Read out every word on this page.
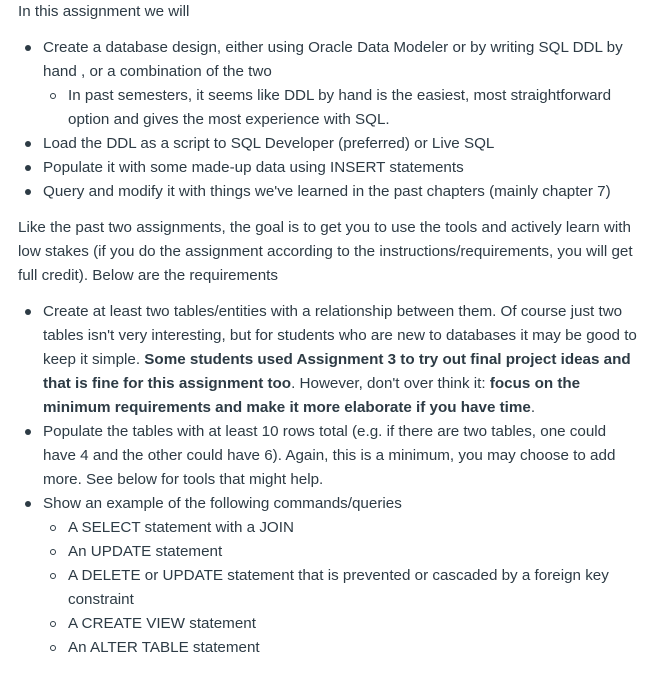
In this assignment we will

Create a database design, either using Oracle Data Modeler or by writing SQL DDL by hand , or a combination of the two
In past semesters, it seems like DDL by hand is the easiest, most straightforward option and gives the most experience with SQL.
Load the DDL as a script to SQL Developer (preferred) or Live SQL
Populate it with some made-up data using INSERT statements
Query and modify it with things we've learned in the past chapters (mainly chapter 7)

Like the past two assignments, the goal is to get you to use the tools and actively learn with low stakes (if you do the assignment according to the instructions/requirements, you will get full credit). Below are the requirements

Create at least two tables/entities with a relationship between them. Of course just two tables isn't very interesting, but for students who are new to databases it may be good to keep it simple. Some students used Assignment 3 to try out final project ideas and that is fine for this assignment too. However, don't over think it: focus on the minimum requirements and make it more elaborate if you have time.
Populate the tables with at least 10 rows total (e.g. if there are two tables, one could have 4 and the other could have 6). Again, this is a minimum, you may choose to add more. See below for tools that might help.
Show an example of the following commands/queries
A SELECT statement with a JOIN
An UPDATE statement
A DELETE or UPDATE statement that is prevented or cascaded by a foreign key constraint
A CREATE VIEW statement
An ALTER TABLE statement
